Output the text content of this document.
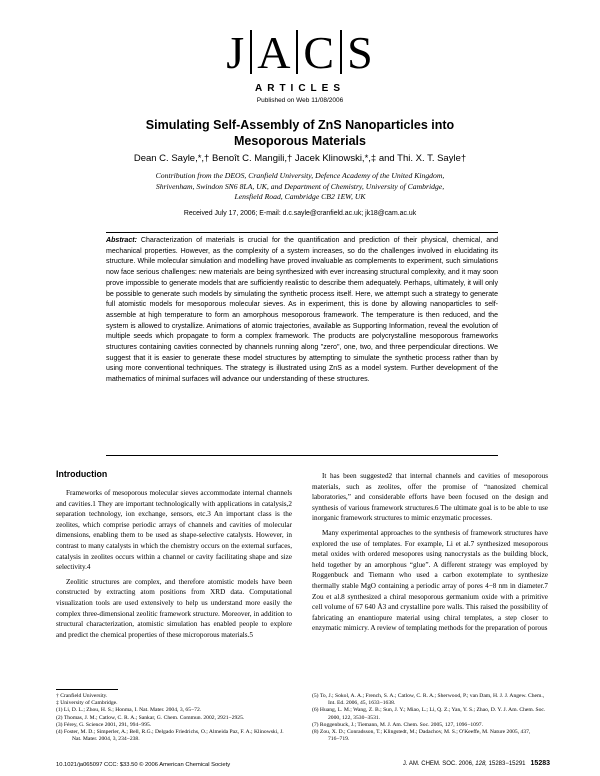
J A C S
ARTICLES
Published on Web 11/08/2006
Simulating Self-Assembly of ZnS Nanoparticles into
Mesoporous Materials
Dean C. Sayle,*,† Benoît C. Mangili,† Jacek Klinowski,*,‡ and Thi. X. T. Sayle†
Contribution from the DEOS, Cranfield University, Defence Academy of the United Kingdom,
Shrivenham, Swindon SN6 8LA, UK, and Department of Chemistry, University of Cambridge,
Lensfield Road, Cambridge CB2 1EW, UK
Received July 17, 2006; E-mail: d.c.sayle@cranfield.ac.uk; jk18@cam.ac.uk
Abstract: Characterization of materials is crucial for the quantification and prediction of their physical, chemical, and mechanical properties. However, as the complexity of a system increases, so do the challenges involved in elucidating its structure. While molecular simulation and modelling have proved invaluable as complements to experiment, such simulations now face serious challenges: new materials are being synthesized with ever increasing structural complexity, and it may soon prove impossible to generate models that are sufficiently realistic to describe them adequately. Perhaps, ultimately, it will only be possible to generate such models by simulating the synthetic process itself. Here, we attempt such a strategy to generate full atomistic models for mesoporous molecular sieves. As in experiment, this is done by allowing nanoparticles to self-assemble at high temperature to form an amorphous mesoporous framework. The temperature is then reduced, and the system is allowed to crystallize. Animations of atomic trajectories, available as Supporting Information, reveal the evolution of multiple seeds which propagate to form a complex framework. The products are polycrystalline mesoporous frameworks structures containing cavities connected by channels running along "zero", one, two, and three perpendicular directions. We suggest that it is easier to generate these model structures by attempting to simulate the synthetic process rather than by using more conventional techniques. The strategy is illustrated using ZnS as a model system. Further development of the mathematics of minimal surfaces will advance our understanding of these structures.
Introduction

Frameworks of mesoporous molecular sieves accommodate internal channels and cavities.1 They are important technologically with applications in catalysis,2 separation technology, ion exchange, sensors, etc.3 An important class is the zeolites, which comprise periodic arrays of channels and cavities of molecular dimensions, enabling them to be used as shape-selective catalysts. However, in contrast to many catalysts in which the chemistry occurs on the external surfaces, catalysis in zeolites occurs within a channel or cavity facilitating shape and size selectivity.4

Zeolitic structures are complex, and therefore atomistic models have been constructed by extracting atom positions from XRD data. Computational visualization tools are used extensively to help us understand more easily the complex three-dimensional zeolitic framework structure. Moreover, in addition to structural characterization, atomistic simulation has enabled people to explore and predict the chemical properties of these microporous materials.5

It has been suggested2 that internal channels and cavities of mesoporous materials, such as zeolites, offer the promise of “nanosized chemical laboratories,” and considerable efforts have been focused on the design and synthesis of various framework structures.6 The ultimate goal is to be able to use inorganic framework structures to mimic enzymatic processes.

Many experimental approaches to the synthesis of framework structures have explored the use of templates. For example, Li et al.7 synthesized mesoporous metal oxides with ordered mesopores using nanocrystals as the building block, held together by an amorphous “glue”. A different strategy was employed by Roggenbuck and Tiemann who used a carbon exotemplate to synthesize thermally stable MgO containing a periodic array of pores 4−8 nm in diameter.7 Zou et al.8 synthesized a chiral mesoporous germanium oxide with a primitive cell volume of 67 640 Å3 and crystalline pore walls. This raised the possibility of fabricating an enantiopure material using chiral templates, a step closer to enzymatic mimicry. A review of templating methods for the preparation of porous

† Cranfield University.
‡ University of Cambridge.
(1) Li, D. L.; Zhou, H. S.; Honma, I. Nat. Mater. 2004, 3, 65−72.
(2) Thomas, J. M.; Catlow, C. R. A.; Sankar, G. Chem. Commun. 2002, 2921−2925.
(3) Férey, G. Science 2001, 291, 994−995.
(4) Foster, M. D.; Simperler, A.; Bell, R.G.; Delgado Friedrichs, O.; Almeida Paz, F. A.; Klinowski, J. Nat. Mater. 2004, 3, 234−238.
(5) To, J.; Sokol, A. A.; French, S. A.; Catlow, C. R. A.; Sherwood, P.; van Dam, H. J. J. Angew. Chem., Int. Ed. 2006, 45, 1633−1638.
(6) Huang, L. M.; Wang, Z. B.; Sun, J. Y.; Miao, L.; Li, Q. Z.; Yan, Y. S.; Zhao, D. Y. J. Am. Chem. Soc. 2000, 122, 3530−3531.
(7) Roggenbuck, J.; Tiemann, M. J. Am. Chem. Soc. 2005, 127, 1096−1097.
(8) Zou, X. D.; Conradsson, T.; Klingstedt, M.; Dadachov, M. S.; O'Keeffe, M. Nature 2005, 437, 716−719.
10.1021/ja065097 CCC: $33.50 © 2006 American Chemical Society	J. AM. CHEM. SOC. 2006, 128, 15283−15291 15283
